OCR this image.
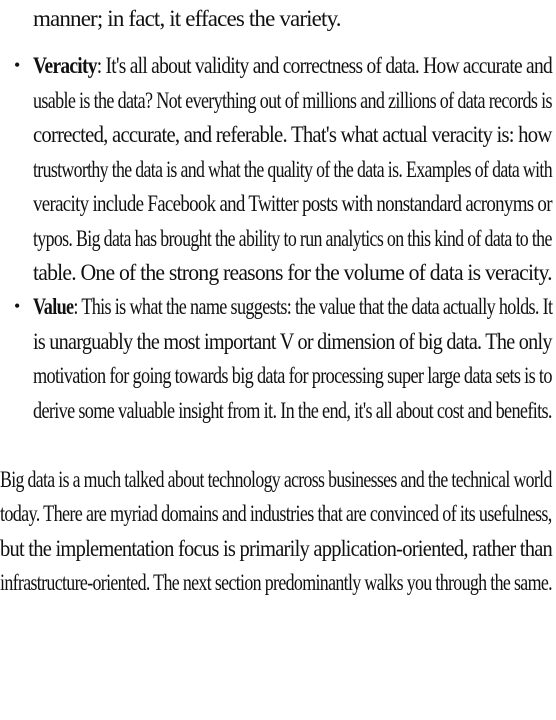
manner; in fact, it effaces the variety.
• Veracity: It's all about validity and correctness of data. How accurate and
usable is the data? Not everything out of millions and zillions of data records is
corrected, accurate, and referable. That's what actual veracity is: how
trustworthy the data is and what the quality of the data is. Examples of data with
veracity include Facebook and Twitter posts with nonstandard acronyms or
typos. Big data has brought the ability to run analytics on this kind of data to the
table. One of the strong reasons for the volume of data is veracity.
• Value: This is what the name suggests: the value that the data actually holds. It
is unarguably the most important V or dimension of big data. The only
motivation for going towards big data for processing super large data sets is to
derive some valuable insight from it. In the end, it's all about cost and benefits.
Big data is a much talked about technology across businesses and the technical world
today. There are myriad domains and industries that are convinced of its usefulness,
but the implementation focus is primarily application-oriented, rather than
infrastructure-oriented. The next section predominantly walks you through the same.
